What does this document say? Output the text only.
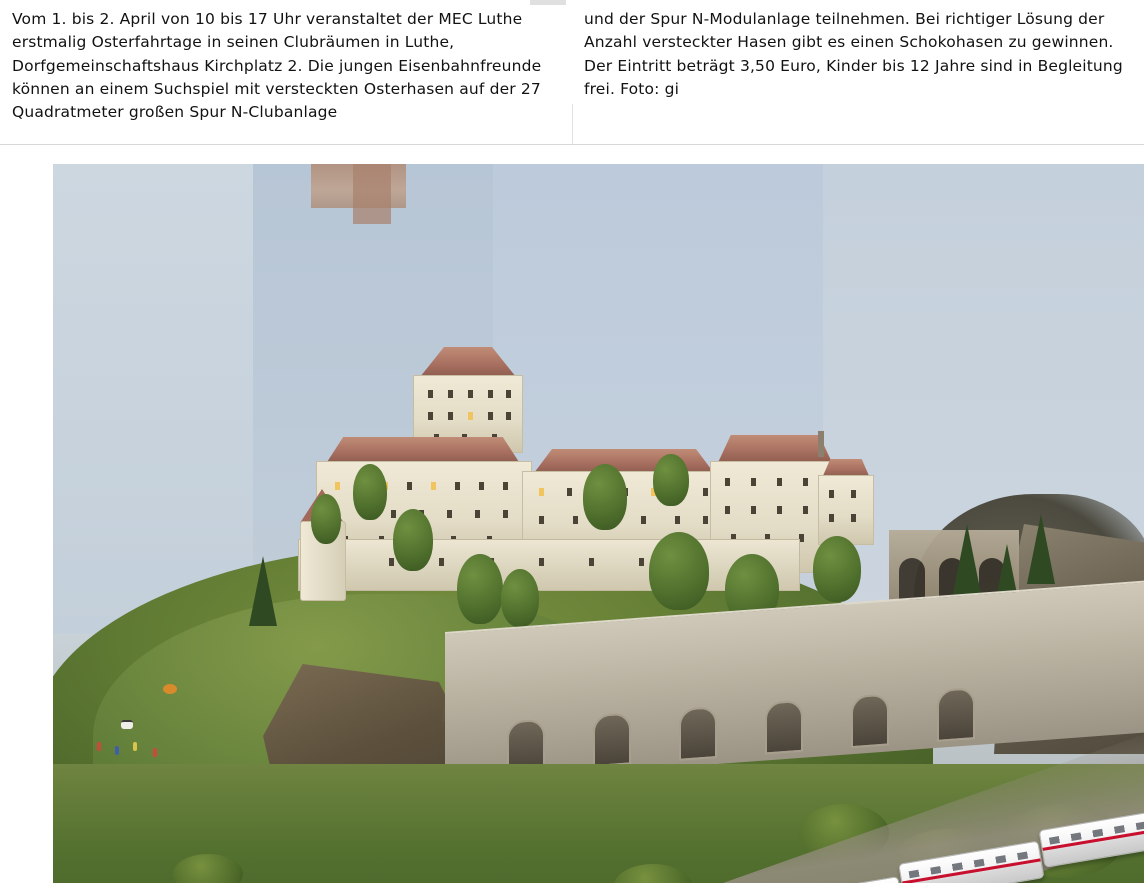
Vom 1. bis 2. April von 10 bis 17 Uhr veranstaltet der MEC Luthe erstmalig Osterfahrtage in seinen Clubräumen in Luthe, Dorfgemeinschaftshaus Kirchplatz 2. Die jungen Eisenbahnfreunde können an einem Suchspiel mit versteckten Osterhasen auf der 27 Quadratmeter großen Spur N-Clubanlage
und der Spur N-Modulanlage teilnehmen. Bei richtiger Lösung der Anzahl versteckter Hasen gibt es einen Schokohasen zu gewinnen. Der Eintritt beträgt 3,50 Euro, Kinder bis 12 Jahre sind in Begleitung frei. Foto: gi
